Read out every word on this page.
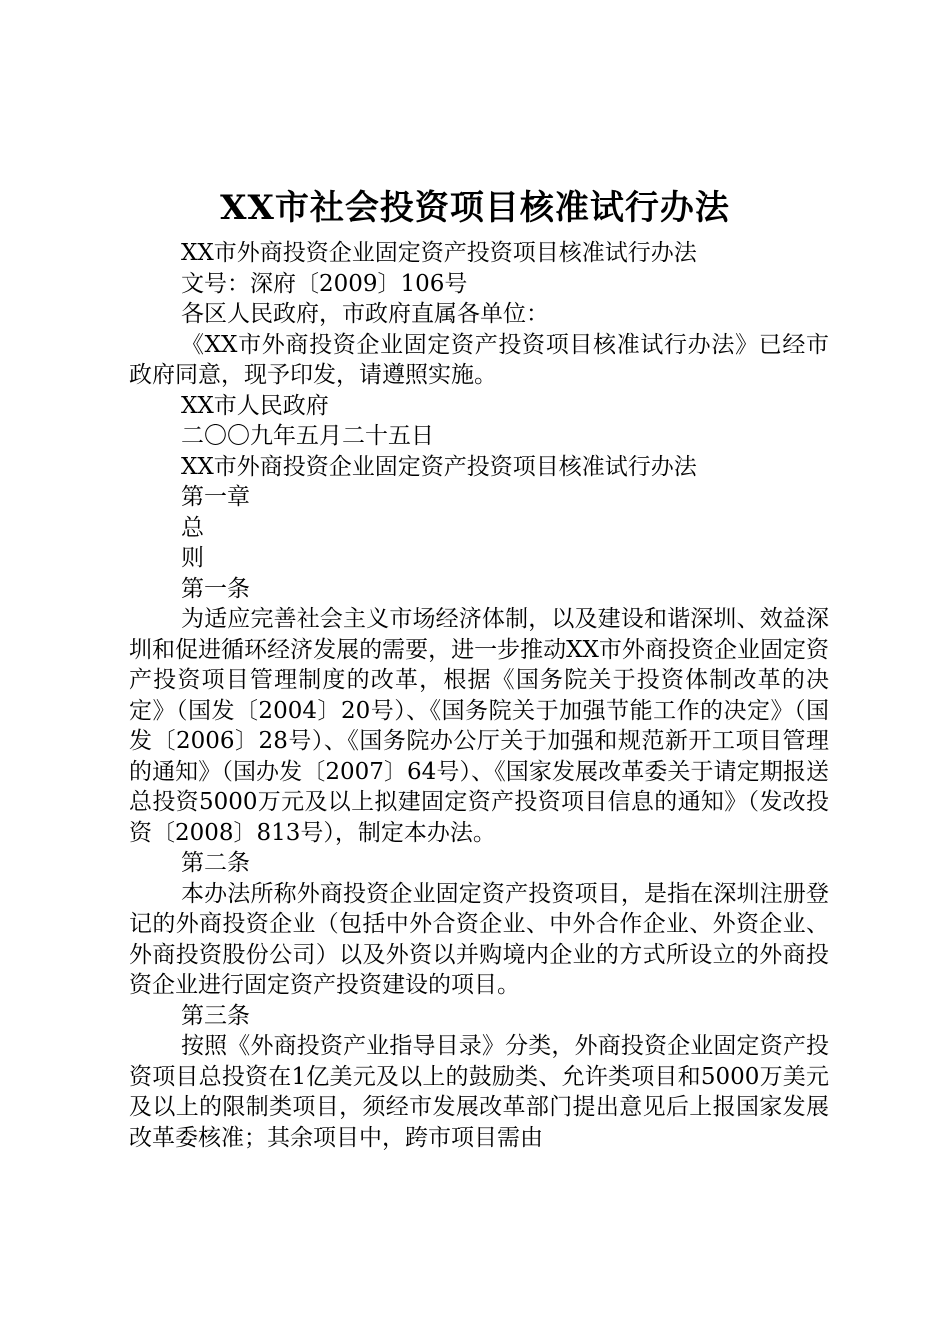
XX市社会投资项目核准试行办法

XX市外商投资企业固定资产投资项目核准试行办法

文号：深府〔2009〕106号

各区人民政府，市政府直属各单位：

《XX市外商投资企业固定资产投资项目核准试行办法》已经市政府同意，现予印发，请遵照实施。

XX市人民政府

二〇〇九年五月二十五日

XX市外商投资企业固定资产投资项目核准试行办法

第一章

总

则

第一条

为适应完善社会主义市场经济体制，以及建设和谐深圳、效益深圳和促进循环经济发展的需要，进一步推动XX市外商投资企业固定资产投资项目管理制度的改革，根据《国务院关于投资体制改革的决定》（国发〔2004〕20号）、《国务院关于加强节能工作的决定》（国发〔2006〕28号）、《国务院办公厅关于加强和规范新开工项目管理的通知》（国办发〔2007〕64号）、《国家发展改革委关于请定期报送总投资5000万元及以上拟建固定资产投资项目信息的通知》（发改投资〔2008〕813号），制定本办法。

第二条

本办法所称外商投资企业固定资产投资项目，是指在深圳注册登记的外商投资企业（包括中外合资企业、中外合作企业、外资企业、外商投资股份公司）以及外资以并购境内企业的方式所设立的外商投资企业进行固定资产投资建设的项目。

第三条

按照《外商投资产业指导目录》分类，外商投资企业固定资产投资项目总投资在1亿美元及以上的鼓励类、允许类项目和5000万美元及以上的限制类项目，须经市发展改革部门提出意见后上报国家发展改革委核准；其余项目中，跨市项目需由
